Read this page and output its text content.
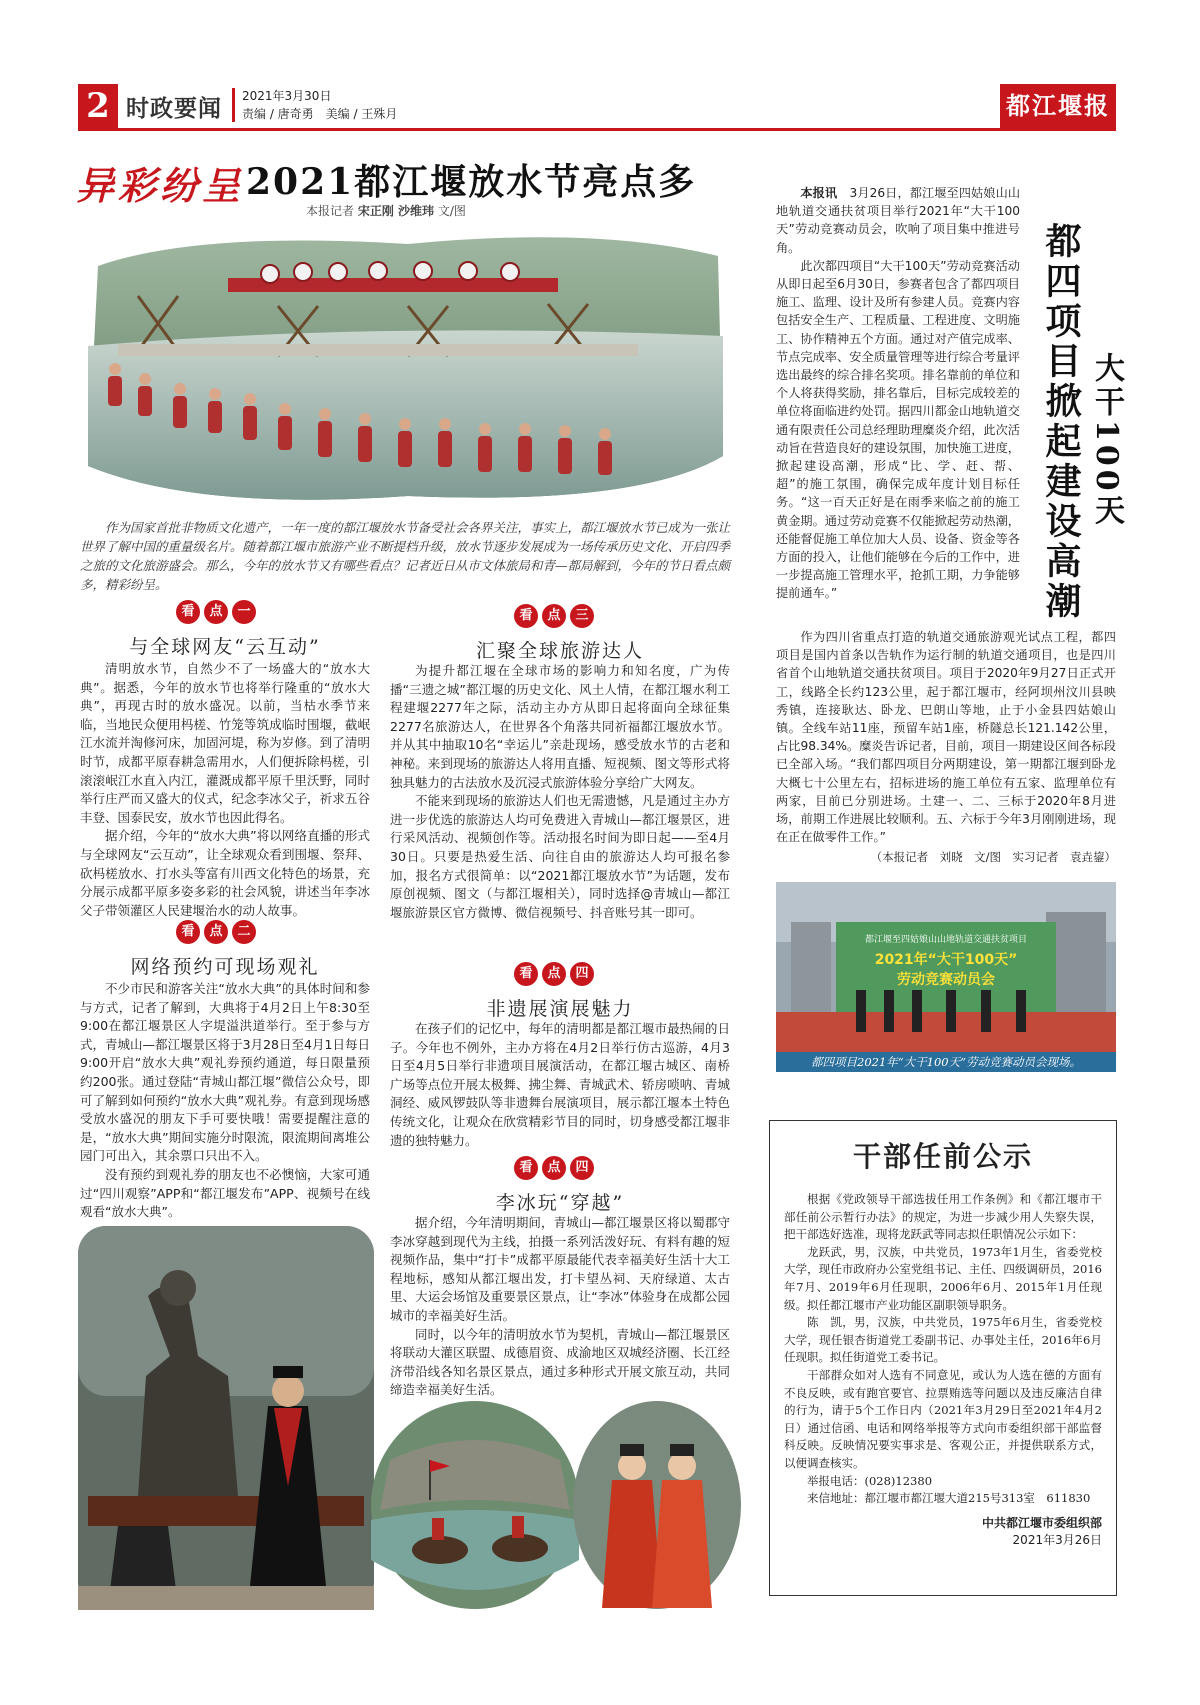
2 时政要闻 2021年3月30日
责编 / 唐奇勇　美编 / 王殊月	都江堰报
异彩纷呈 2021都江堰放水节亮点多
本报记者 宋正刚 沙维玮 文/图
作为国家首批非物质文化遗产，一年一度的都江堰放水节备受社会各界关注，事实上，都江堰放水节已成为一张让世界了解中国的重量级名片。随着都江堰市旅游产业不断提档升级，放水节逐步发展成为一场传承历史文化、开启四季之旅的文化旅游盛会。那么，今年的放水节又有哪些看点？记者近日从市文体旅局和青—都局解到，今年的节日看点颇多，精彩纷呈。
看	点	一
与全球网友“云互动”

清明放水节，自然少不了一场盛大的“放水大典”。据悉，今年的放水节也将举行隆重的“放水大典”，再现古时的放水盛况。以前，当枯水季节来临，当地民众便用杩槎、竹笼等筑成临时围堰，截岷江水流并淘修河床，加固河堤，称为岁修。到了清明时节，成都平原春耕急需用水，人们便拆除杩槎，引滚滚岷江水直入内江，灌溉成都平原千里沃野，同时举行庄严而又盛大的仪式，纪念李冰父子，祈求五谷丰登、国泰民安，放水节也因此得名。

据介绍，今年的“放水大典”将以网络直播的形式与全球网友“云互动”，让全球观众看到围堰、祭拜、砍杩槎放水、打水头等富有川西文化特色的场景，充分展示成都平原多姿多彩的社会风貌，讲述当年李冰父子带领灌区人民建堰治水的动人故事。

看	点	二
网络预约可现场观礼

不少市民和游客关注“放水大典”的具体时间和参与方式，记者了解到，大典将于4月2日上午8:30至9:00在都江堰景区人字堤溢洪道举行。至于参与方式，青城山—都江堰景区将于3月28日至4月1日每日9:00开启“放水大典”观礼券预约通道，每日限量预约200张。通过登陆“青城山都江堰”微信公众号，即可了解到如何预约“放水大典”观礼券。有意到现场感受放水盛况的朋友下手可要快哦！需要提醒注意的是，“放水大典”期间实施分时限流，限流期间离堆公园门可出入，其余票口只出不入。

没有预约到观礼券的朋友也不必懊恼，大家可通过“四川观察”APP和“都江堰发布”APP、视频号在线观看“放水大典”。

看	点	三
汇聚全球旅游达人

为提升都江堰在全球市场的影响力和知名度，广为传播“三遗之城”都江堰的历史文化、风土人情，在都江堰水利工程建堰2277年之际，活动主办方从即日起将面向全球征集2277名旅游达人，在世界各个角落共同祈福都江堰放水节。并从其中抽取10名“幸运儿”亲赴现场，感受放水节的古老和神秘。来到现场的旅游达人将用直播、短视频、图文等形式将独具魅力的古法放水及沉浸式旅游体验分享给广大网友。

不能来到现场的旅游达人们也无需遗憾，凡是通过主办方进一步优选的旅游达人均可免费进入青城山—都江堰景区，进行采风活动、视频创作等。活动报名时间为即日起——至4月30日。只要是热爱生活、向往自由的旅游达人均可报名参加，报名方式很简单：以“2021都江堰放水节”为话题，发布原创视频、图文（与都江堰相关），同时选择@青城山—都江堰旅游景区官方微博、微信视频号、抖音账号其一即可。

看	点	四
非遗展演展魅力

在孩子们的记忆中，每年的清明都是都江堰市最热闹的日子。今年也不例外，主办方将在4月2日举行仿古巡游，4月3日至4月5日举行非遗项目展演活动，在都江堰古城区、南桥广场等点位开展太极舞、拂尘舞、青城武术、轿房唢呐、青城洞经、威风锣鼓队等非遗舞台展演项目，展示都江堰本土特色传统文化，让观众在欣赏精彩节目的同时，切身感受都江堰非遗的独特魅力。

看	点	四
李冰玩“穿越”

据介绍，今年清明期间，青城山—都江堰景区将以蜀郡守李冰穿越到现代为主线，拍摄一系列活泼好玩、有料有趣的短视频作品，集中“打卡”成都平原最能代表幸福美好生活十大工程地标，感知从都江堰出发，打卡望丛祠、天府绿道、太古里、大运会场馆及重要景区景点，让“李冰”体验身在成都公园城市的幸福美好生活。

同时，以今年的清明放水节为契机，青城山—都江堰景区将联动大灌区联盟、成德眉资、成渝地区双城经济圈、长江经济带沿线各知名景区景点，通过多种形式开展文旅互动，共同缔造幸福美好生活。

大干100天
都四项目掀起建设高潮

本报讯　 3月26日，都江堰至四姑娘山山地轨道交通扶贫项目举行2021年“大干100天”劳动竞赛动员会，吹响了项目集中推进号角。

此次都四项目“大干100天”劳动竞赛活动从即日起至6月30日，参赛者包含了都四项目施工、监理、设计及所有参建人员。竞赛内容包括安全生产、工程质量、工程进度、文明施工、协作精神五个方面。通过对产值完成率、节点完成率、安全质量管理等进行综合考量评选出最终的综合排名奖项。排名靠前的单位和个人将获得奖励，排名靠后，目标完成较差的单位将面临进约处罚。据四川都金山地轨道交通有限责任公司总经理助理糜炎介绍，此次活动旨在营造良好的建设氛围，加快施工进度，掀起建设高潮，形成“比、学、赶、帮、超”的施工氛围，确保完成年度计划目标任务。“这一百天正好是在雨季来临之前的施工黄金期。通过劳动竞赛不仅能掀起劳动热潮，还能督促施工单位加大人员、设备、资金等各方面的投入，让他们能够在今后的工作中，进一步提高施工管理水平，抢抓工期，力争能够提前通车。”

作为四川省重点打造的轨道交通旅游观光试点工程，都四项目是国内首条以告轨作为运行制的轨道交通项目，也是四川省首个山地轨道交通扶贫项目。项目于2020年9月27日正式开工，线路全长约123公里，起于都江堰市，经阿坝州汶川县映秀镇，连接耿达、卧龙、巴朗山等地，止于小金县四姑娘山镇。全线车站11座，预留车站1座，桥隧总长121.142公里，占比98.34%。糜炎告诉记者，目前，项目一期建设区间各标段已全部入场。“我们都四项目分两期建设，第一期都江堰到卧龙大概七十公里左右，招标进场的施工单位有五家、监理单位有两家，目前已分别进场。土建一、二、三标于2020年8月进场，前期工作进展比较顺利。五、六标于今年3月刚刚进场，现在正在做零件工作。”

（本报记者　刘晓　文/图　实习记者　袁垚鋆）
都江堰至四姑娘山山地轨道交通扶贫项目
2021年“大干100天”
劳动竞赛动员会
都四项目2021年“大干100天”劳动竞赛动员会现场。
干部任前公示

根据《党政领导干部选拔任用工作条例》和《都江堰市干部任前公示暂行办法》的规定，为进一步减少用人失察失误，把干部选好选准，现将龙跃武等同志拟任职情况公示如下：

龙跃武，男，汉族，中共党员，1973年1月生，省委党校大学，现任市政府办公室党组书记、主任、四级调研员，2016年7月、2019年6月任现职，2006年6月、2015年1月任现级。拟任都江堰市产业功能区副职领导职务。

陈　凯，男，汉族，中共党员，1975年6月生，省委党校大学，现任银杏街道党工委副书记、办事处主任，2016年6月任现职。拟任街道党工委书记。

干部群众如对人选有不同意见，或认为人选在德的方面有不良反映，或有跑官要官、拉票贿选等问题以及违反廉洁自律的行为，请于5个工作日内（2021年3月29日至2021年4月2日）通过信函、电话和网络举报等方式向市委组织部干部监督科反映。反映情况要实事求是、客观公正，并提供联系方式，以便调查核实。

举报电话：(028)12380

来信地址：都江堰市都江堰大道215号313室　611830

中共都江堰市委组织部
2021年3月26日
